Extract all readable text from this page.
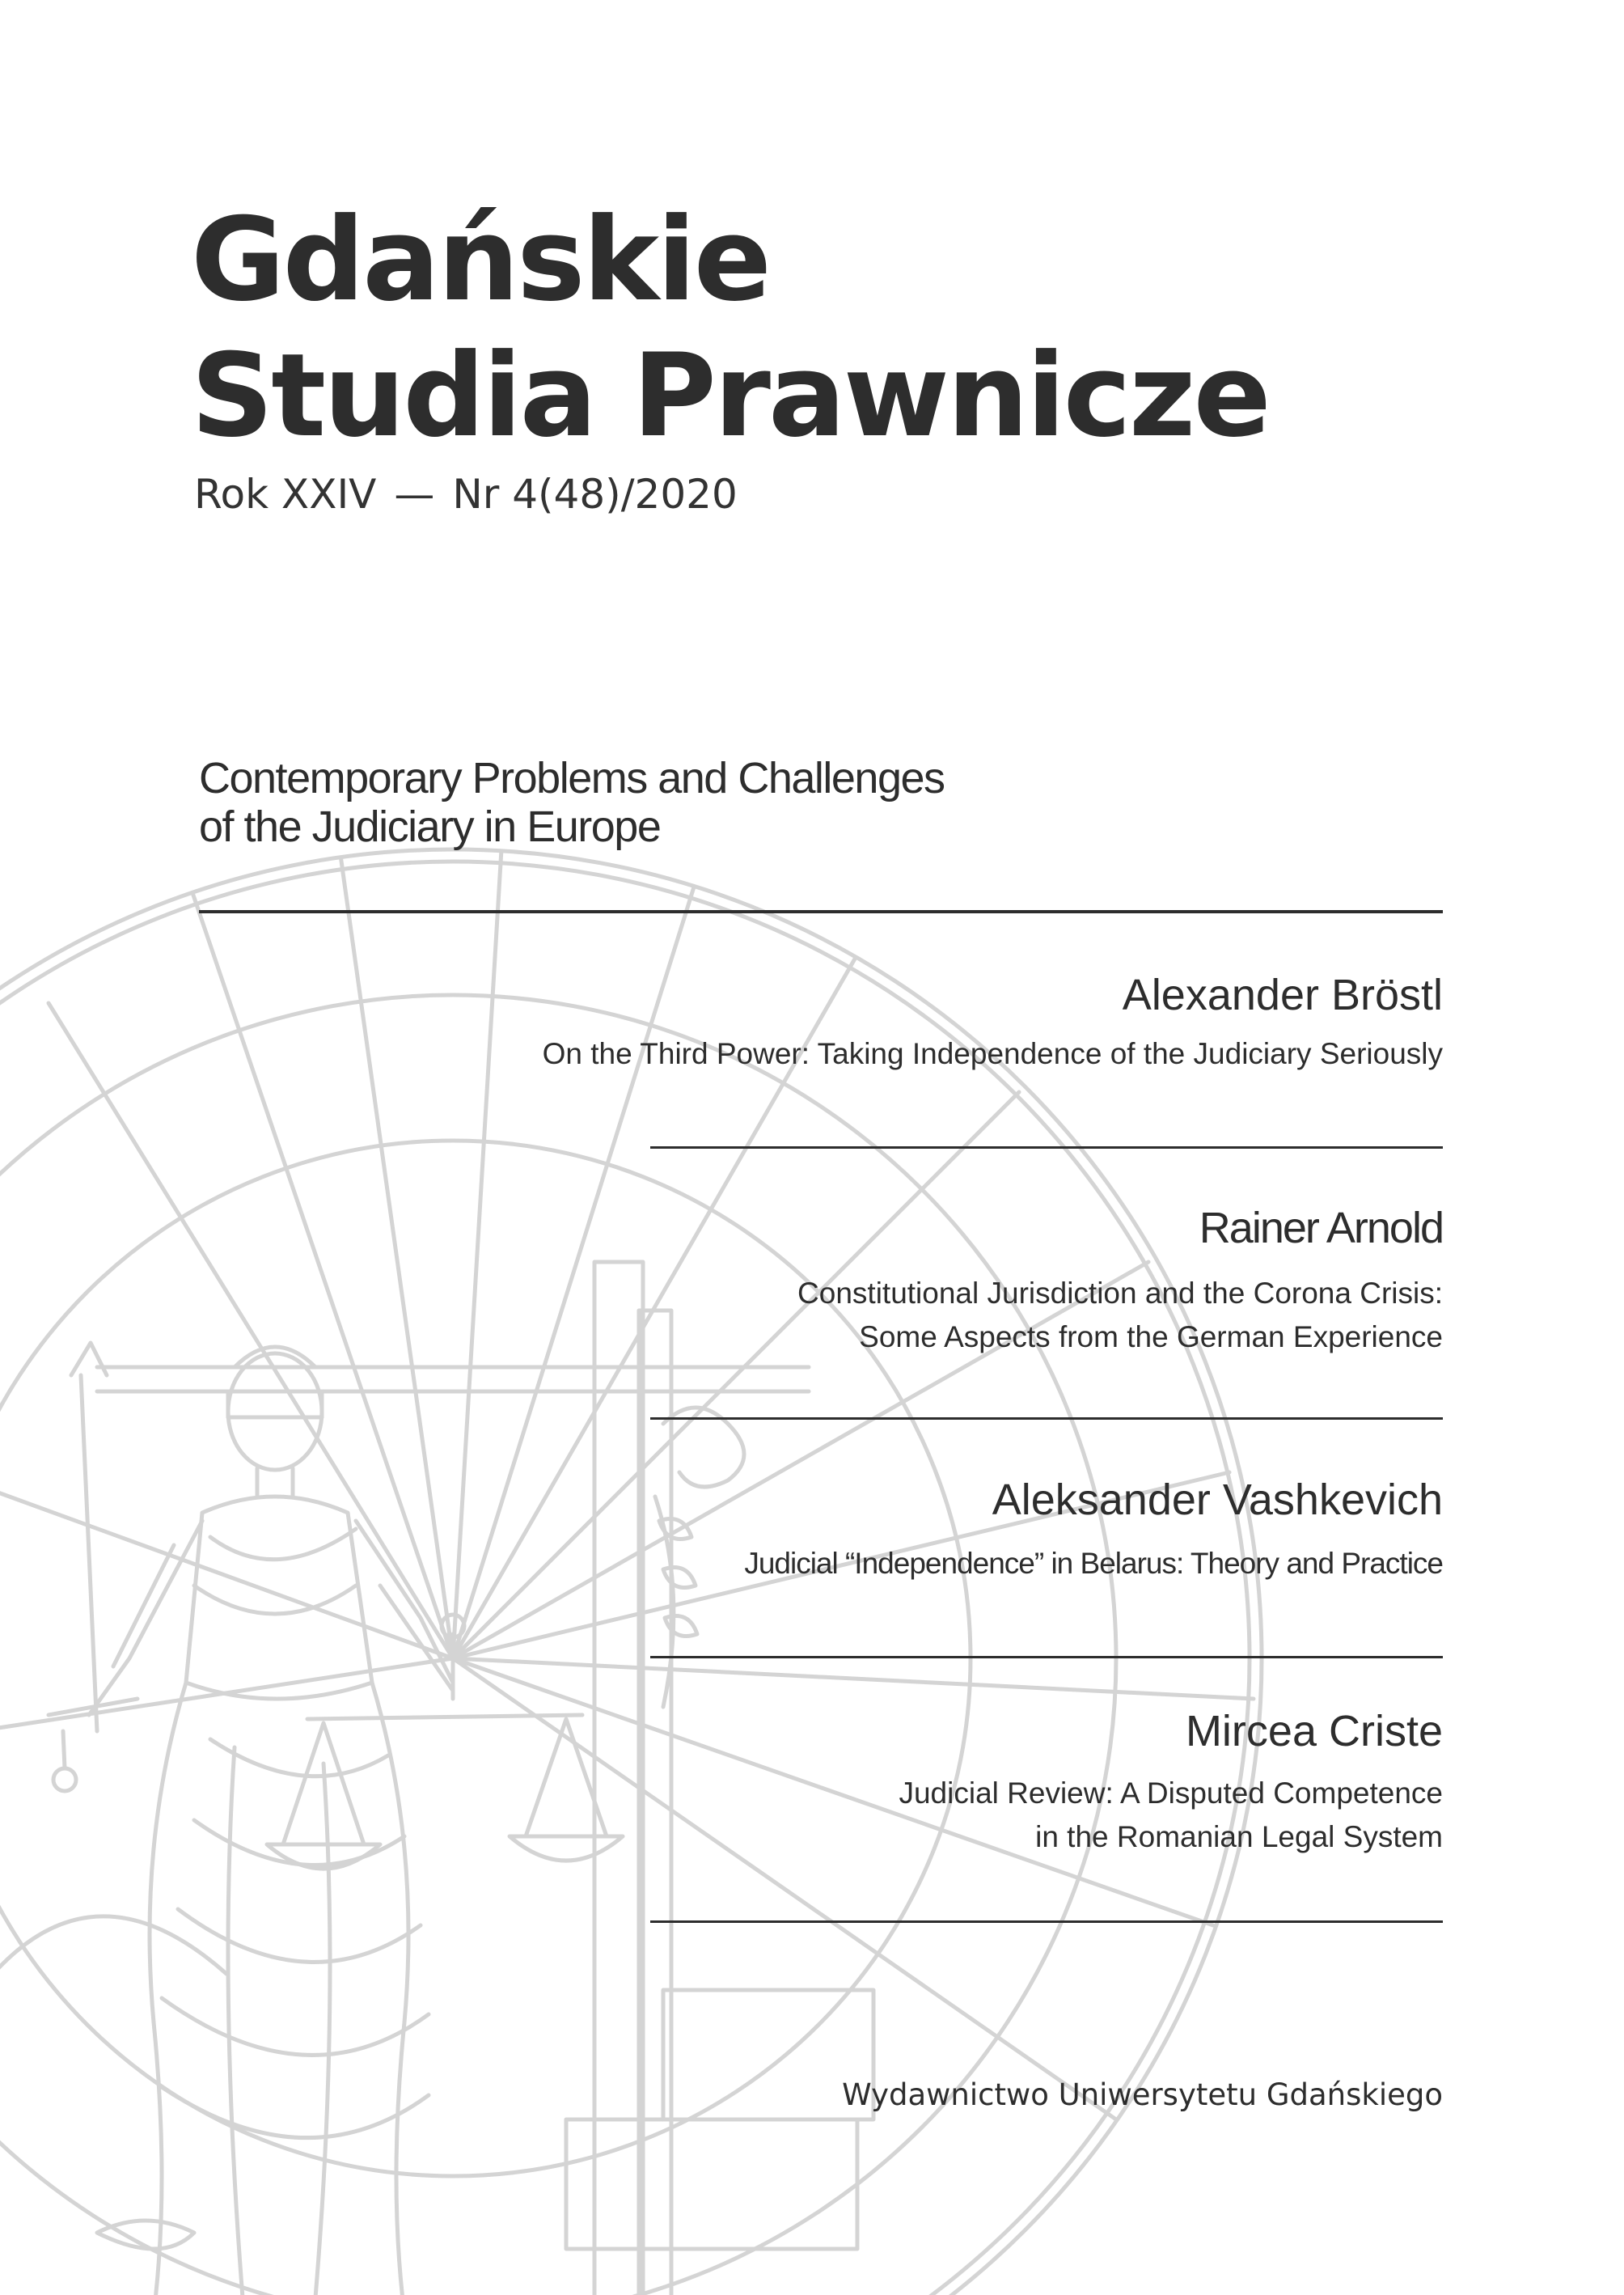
Gdańskie
Studia Prawnicze
Rok XXIV — Nr 4(48)/2020
Contemporary Problems and Challenges
of the Judiciary in Europe
Alexander Bröstl
On the Third Power: Taking Independence of the Judiciary Seriously
Rainer Arnold
Constitutional Jurisdiction and the Corona Crisis:
Some Aspects from the German Experience
Aleksander Vashkevich
Judicial “Independence” in Belarus: Theory and Practice
Mircea Criste
Judicial Review: A Disputed Competence
in the Romanian Legal System
Wydawnictwo Uniwersytetu Gdańskiego
